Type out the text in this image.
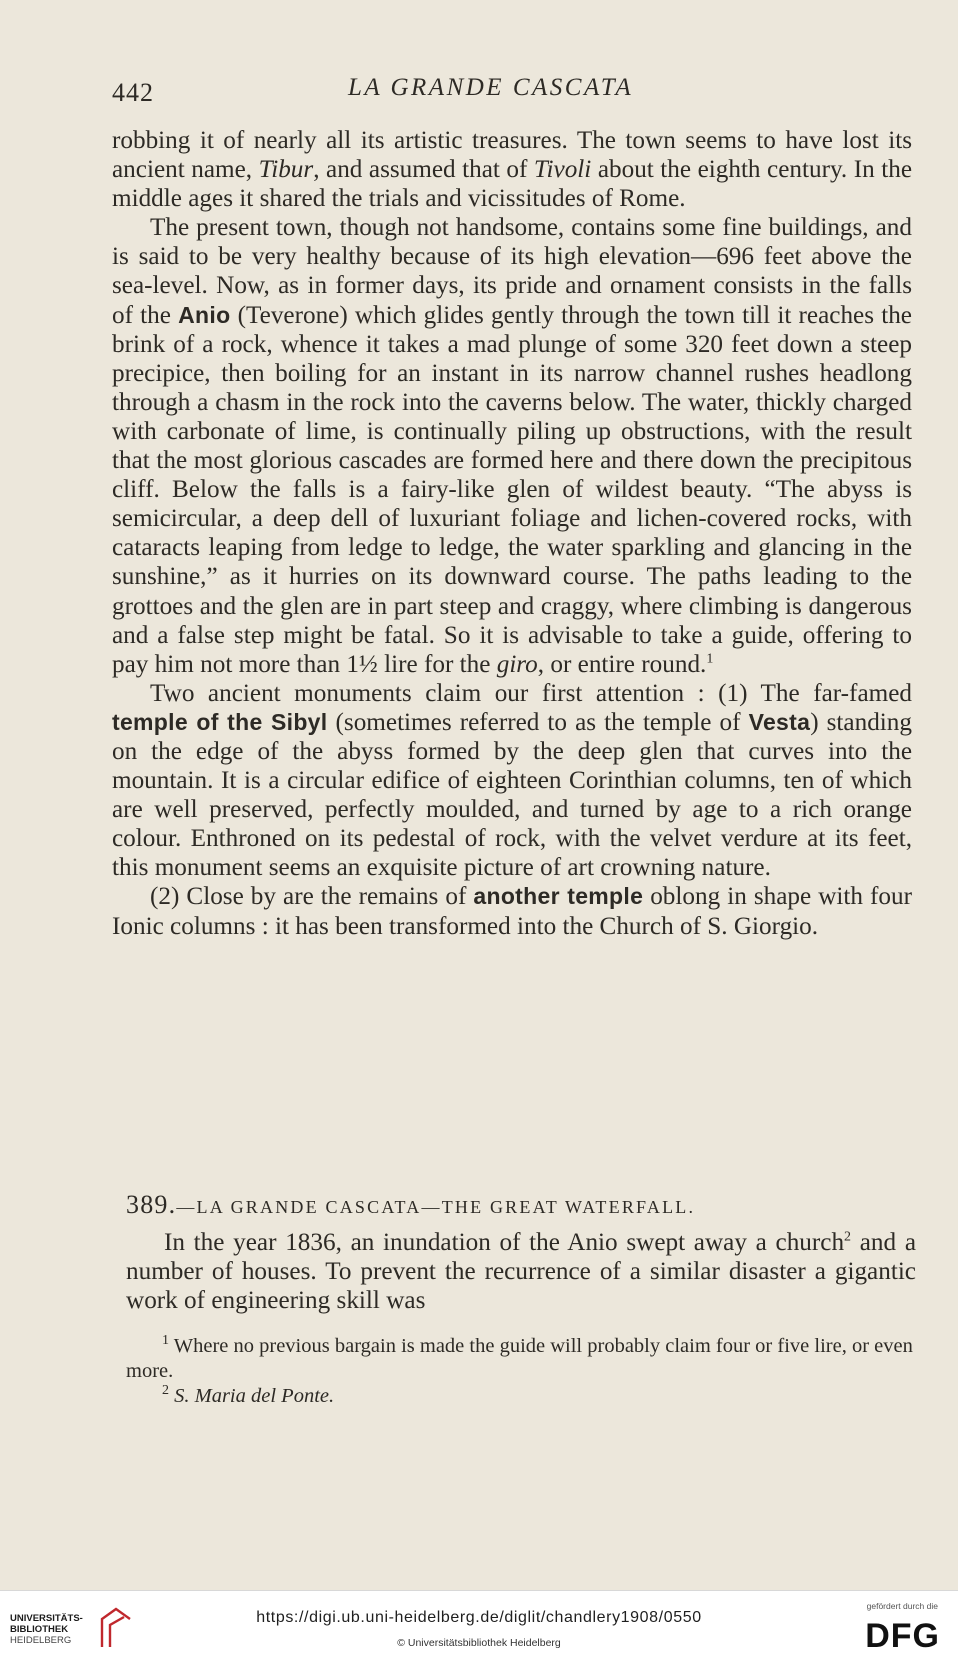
442	LA GRANDE CASCATA

robbing it of nearly all its artistic treasures. The town seems to have lost its ancient name, Tibur, and assumed that of Tivoli about the eighth century. In the middle ages it shared the trials and vicissitudes of Rome.

The present town, though not handsome, contains some fine buildings, and is said to be very healthy because of its high elevation—696 feet above the sea-level. Now, as in former days, its pride and ornament consists in the falls of the Anio (Teverone) which glides gently through the town till it reaches the brink of a rock, whence it takes a mad plunge of some 320 feet down a steep precipice, then boiling for an instant in its narrow channel rushes headlong through a chasm in the rock into the caverns below. The water, thickly charged with carbonate of lime, is continually piling up obstructions, with the result that the most glorious cascades are formed here and there down the precipitous cliff. Below the falls is a fairy-like glen of wildest beauty. “The abyss is semicircular, a deep dell of luxuriant foliage and lichen-covered rocks, with cataracts leaping from ledge to ledge, the water sparkling and glancing in the sunshine,” as it hurries on its downward course. The paths leading to the grottoes and the glen are in part steep and craggy, where climbing is dangerous and a false step might be fatal. So it is advisable to take a guide, offering to pay him not more than 1½ lire for the giro, or entire round.$^1$

Two ancient monuments claim our first attention : (1) The far-famed temple of the Sibyl (sometimes referred to as the temple of Vesta) standing on the edge of the abyss formed by the deep glen that curves into the mountain. It is a circular edifice of eighteen Corinthian columns, ten of which are well preserved, perfectly moulded, and turned by age to a rich orange colour. Enthroned on its pedestal of rock, with the velvet verdure at its feet, this monument seems an exquisite picture of art crowning nature.

(2) Close by are the remains of another temple oblong in shape with four Ionic columns : it has been transformed into the Church of S. Giorgio.

389.—LA GRANDE CASCATA—THE GREAT WATERFALL.
In the year 1836, an inundation of the Anio swept away a church$^2$ and a number of houses. To prevent the recurrence of a similar disaster a gigantic work of engineering skill was

$^1$ Where no previous bargain is made the guide will probably claim four or five lire, or even more.

$^2$ S. Maria del Ponte.

UNIVERSITÄTS-
BIBLIOTHEK
HEIDELBERG
https://digi.ub.uni-heidelberg.de/diglit/chandlery1908/0550
© Universitätsbibliothek Heidelberg
gefördert durch die
DFG
